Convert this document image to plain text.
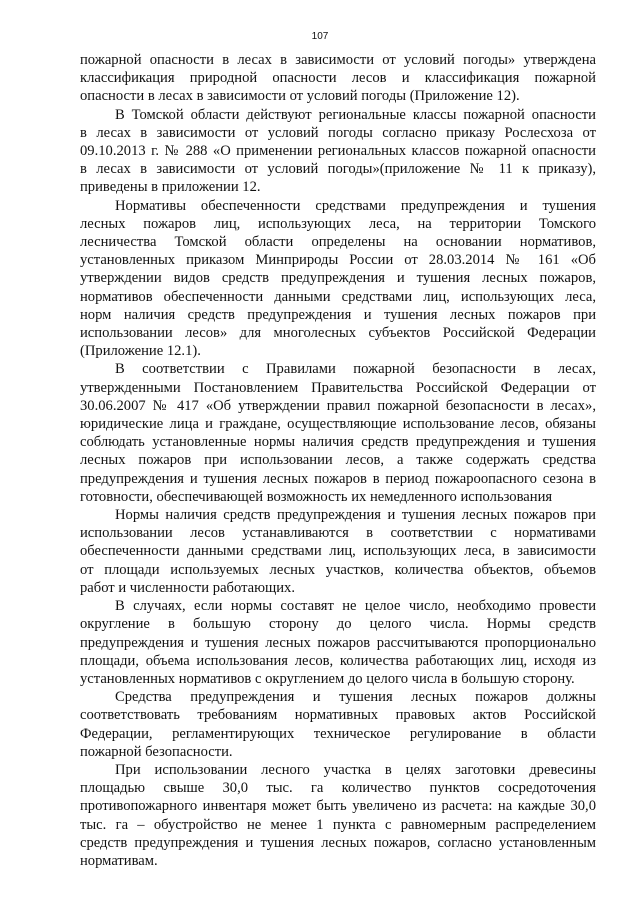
107
пожарной опасности в лесах в зависимости от условий погоды» утверждена
классификация природной опасности лесов и классификация пожарной
опасности в лесах в зависимости от условий погоды (Приложение 12).
В Томской области действуют региональные классы пожарной опасности
в лесах в зависимости от условий погоды согласно приказу Рослесхоза от
09.10.2013 г. № 288 «О применении региональных классов пожарной опасности
в лесах в зависимости от условий погоды»(приложение № 11 к приказу),
приведены в приложении 12.
Нормативы обеспеченности средствами предупреждения и тушения
лесных пожаров лиц, использующих леса, на территории Томского
лесничества Томской области определены на основании нормативов,
установленных приказом Минприроды России от 28.03.2014 № 161 «Об
утверждении видов средств предупреждения и тушения лесных пожаров,
нормативов обеспеченности данными средствами лиц, использующих леса,
норм наличия средств предупреждения и тушения лесных пожаров при
использовании лесов» для многолесных субъектов Российской Федерации
(Приложение 12.1).
В соответствии с Правилами пожарной безопасности в лесах,
утвержденными Постановлением Правительства Российской Федерации от
30.06.2007 № 417 «Об утверждении правил пожарной безопасности в лесах»,
юридические лица и граждане, осуществляющие использование лесов, обязаны
соблюдать установленные нормы наличия средств предупреждения и тушения
лесных пожаров при использовании лесов, а также содержать средства
предупреждения и тушения лесных пожаров в период пожароопасного сезона в
готовности, обеспечивающей возможность их немедленного использования
Нормы наличия средств предупреждения и тушения лесных пожаров при
использовании лесов устанавливаются в соответствии с нормативами
обеспеченности данными средствами лиц, использующих леса, в зависимости
от площади используемых лесных участков, количества объектов, объемов
работ и численности работающих.
В случаях, если нормы составят не целое число, необходимо провести
округление в большую сторону до целого числа. Нормы средств
предупреждения и тушения лесных пожаров рассчитываются пропорционально
площади, объема использования лесов, количества работающих лиц, исходя из
установленных нормативов с округлением до целого числа в большую сторону.
Средства предупреждения и тушения лесных пожаров должны
соответствовать требованиям нормативных правовых актов Российской
Федерации, регламентирующих техническое регулирование в области
пожарной безопасности.
При использовании лесного участка в целях заготовки древесины
площадью свыше 30,0 тыс. га количество пунктов сосредоточения
противопожарного инвентаря может быть увеличено из расчета: на каждые 30,0
тыс. га – обустройство не менее 1 пункта с равномерным распределением
средств предупреждения и тушения лесных пожаров, согласно установленным
нормативам.
